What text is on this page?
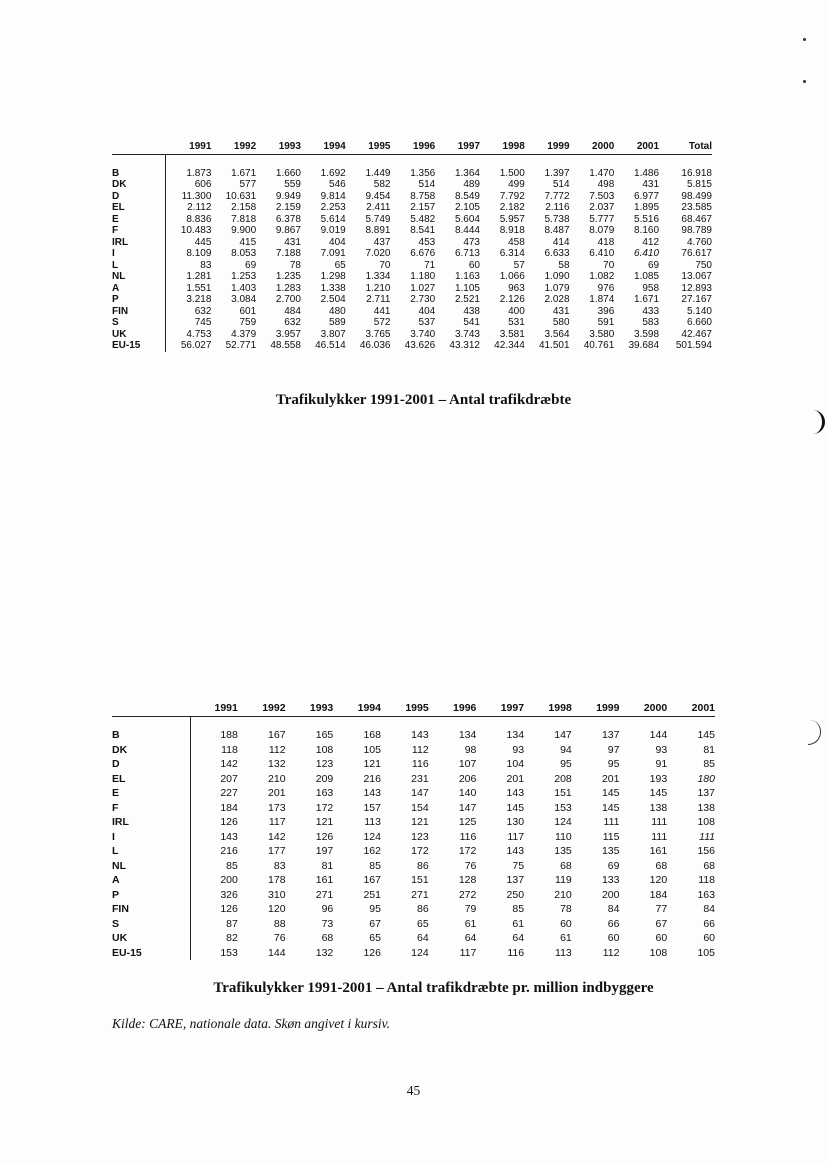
	1991	1992	1993	1994	1995	1996	1997	1998	1999	2000	2001	Total
B	1.873	1.671	1.660	1.692	1.449	1.356	1.364	1.500	1.397	1.470	1.486	16.918
DK	606	577	559	546	582	514	489	499	514	498	431	5.815
D	11.300	10.631	9.949	9.814	9.454	8.758	8.549	7.792	7.772	7.503	6.977	98.499
EL	2.112	2.158	2.159	2.253	2.411	2.157	2.105	2.182	2.116	2.037	1.895	23.585
E	8.836	7.818	6.378	5.614	5.749	5.482	5.604	5.957	5.738	5.777	5.516	68.467
F	10.483	9.900	9.867	9.019	8.891	8.541	8.444	8.918	8.487	8.079	8.160	98.789
IRL	445	415	431	404	437	453	473	458	414	418	412	4.760
I	8.109	8.053	7.188	7.091	7.020	6.676	6.713	6.314	6.633	6.410	6.410	76.617
L	83	69	78	65	70	71	60	57	58	70	69	750
NL	1.281	1.253	1.235	1.298	1.334	1.180	1.163	1.066	1.090	1.082	1.085	13.067
A	1.551	1.403	1.283	1.338	1.210	1.027	1.105	963	1.079	976	958	12.893
P	3.218	3.084	2.700	2.504	2.711	2.730	2.521	2.126	2.028	1.874	1.671	27.167
FIN	632	601	484	480	441	404	438	400	431	396	433	5.140
S	745	759	632	589	572	537	541	531	580	591	583	6.660
UK	4.753	4.379	3.957	3.807	3.765	3.740	3.743	3.581	3.564	3.580	3.598	42.467
EU-15	56.027	52.771	48.558	46.514	46.036	43.626	43.312	42.344	41.501	40.761	39.684	501.594
Trafikulykker 1991-2001 – Antal trafikdræbte
	1991	1992	1993	1994	1995	1996	1997	1998	1999	2000	2001
B	188	167	165	168	143	134	134	147	137	144	145
DK	118	112	108	105	112	98	93	94	97	93	81
D	142	132	123	121	116	107	104	95	95	91	85
EL	207	210	209	216	231	206	201	208	201	193	180
E	227	201	163	143	147	140	143	151	145	145	137
F	184	173	172	157	154	147	145	153	145	138	138
IRL	126	117	121	113	121	125	130	124	111	111	108
I	143	142	126	124	123	116	117	110	115	111	111
L	216	177	197	162	172	172	143	135	135	161	156
NL	85	83	81	85	86	76	75	68	69	68	68
A	200	178	161	167	151	128	137	119	133	120	118
P	326	310	271	251	271	272	250	210	200	184	163
FIN	126	120	96	95	86	79	85	78	84	77	84
S	87	88	73	67	65	61	61	60	66	67	66
UK	82	76	68	65	64	64	64	61	60	60	60
EU-15	153	144	132	126	124	117	116	113	112	108	105
Trafikulykker 1991-2001 – Antal trafikdræbte pr. million indbyggere
Kilde: CARE, nationale data. Skøn angivet i kursiv.
45
